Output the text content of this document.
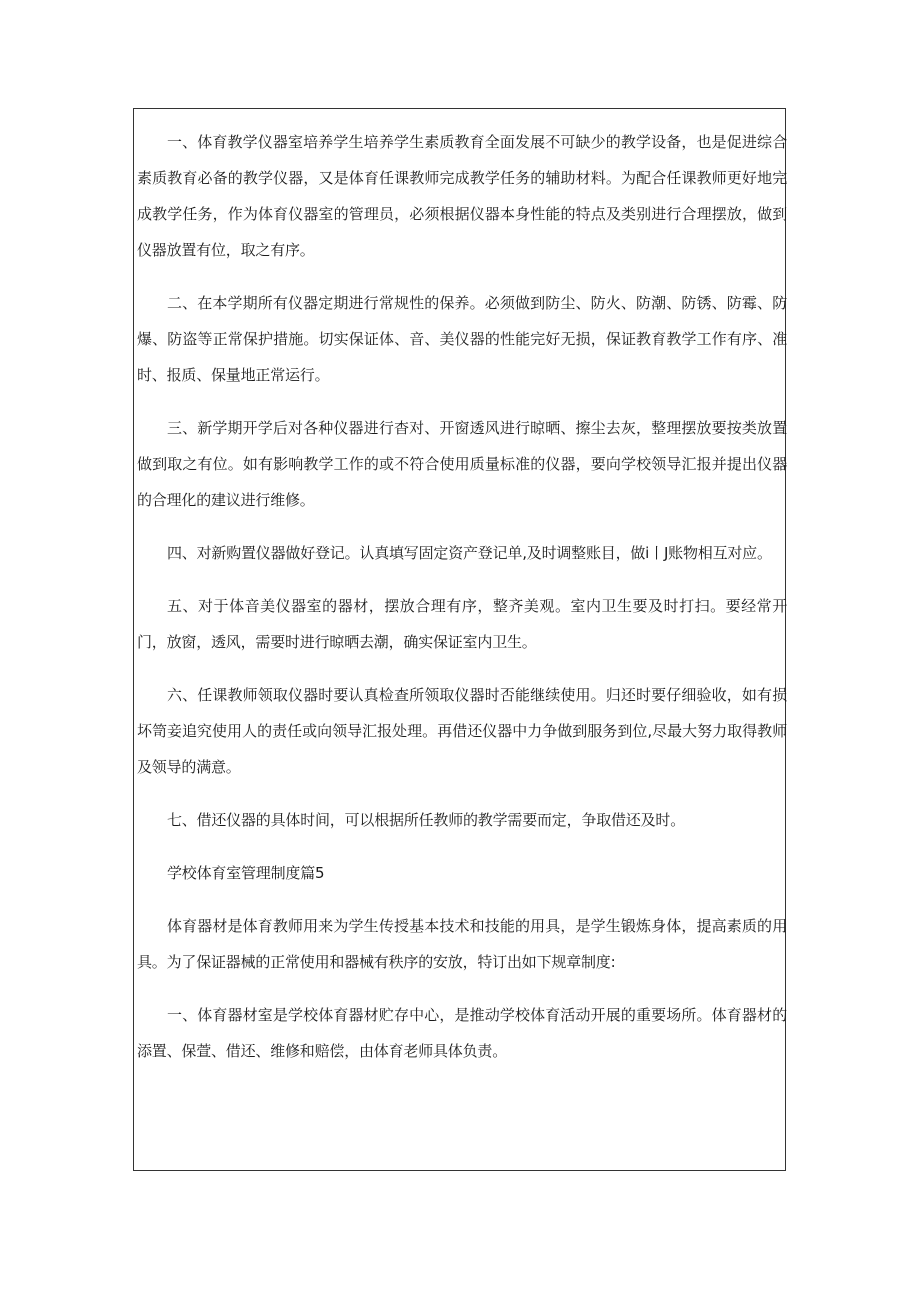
一、体育教学仪器室培养学生培养学生素质教育全面发展不可缺少的教学设备，也是促进综合素质教育必备的教学仪器，又是体育任课教师完成教学任务的辅助材料。为配合任课教师更好地完成教学任务，作为体育仪器室的管理员，必须根据仪器本身性能的特点及类别进行合理摆放，做到仪器放置有位，取之有序。

二、在本学期所有仪器定期进行常规性的保养。必须做到防尘、防火、防潮、防锈、防霉、防爆、防盗等正常保护措施。切实保证体、音、美仪器的性能完好无损，保证教育教学工作有序、准时、报质、保量地正常运行。

三、新学期开学后对各种仪器进行杳对、开窗透风进行晾晒、擦尘去灰，整理摆放要按类放置做到取之有位。如有影响教学工作的或不符合使用质量标准的仪器，要向学校领导汇报并提出仪器的合理化的建议进行维修。

四、对新购置仪器做好登记。认真填写固定资产登记单,及时调整账目，做i丨J账物相互对应。

五、对于体音美仪器室的器材，摆放合理有序，整齐美观。室内卫生要及时打扫。要经常开门，放窗，透风，需要时进行晾晒去潮，确实保证室内卫生。

六、任课教师领取仪器时要认真检查所领取仪器时否能继续使用。归还时要仔细验收，如有损坏笥妾追究使用人的责任或向领导汇报处理。再借还仪器中力争做到服务到位,尽最大努力取得教师及领导的满意。

七、借还仪器的具体时间，可以根据所任教师的教学需要而定，争取借还及时。

学校体育室管理制度篇5

体育器材是体育教师用来为学生传授基本技术和技能的用具，是学生锻炼身体，提高素质的用具。为了保证器械的正常使用和器械有秩序的安放，特订出如下规章制度:

一、体育器材室是学校体育器材贮存中心，是推动学校体育活动开展的重要场所。体育器材的添置、保萱、借还、维修和赔偿，由体育老师具体负责。
